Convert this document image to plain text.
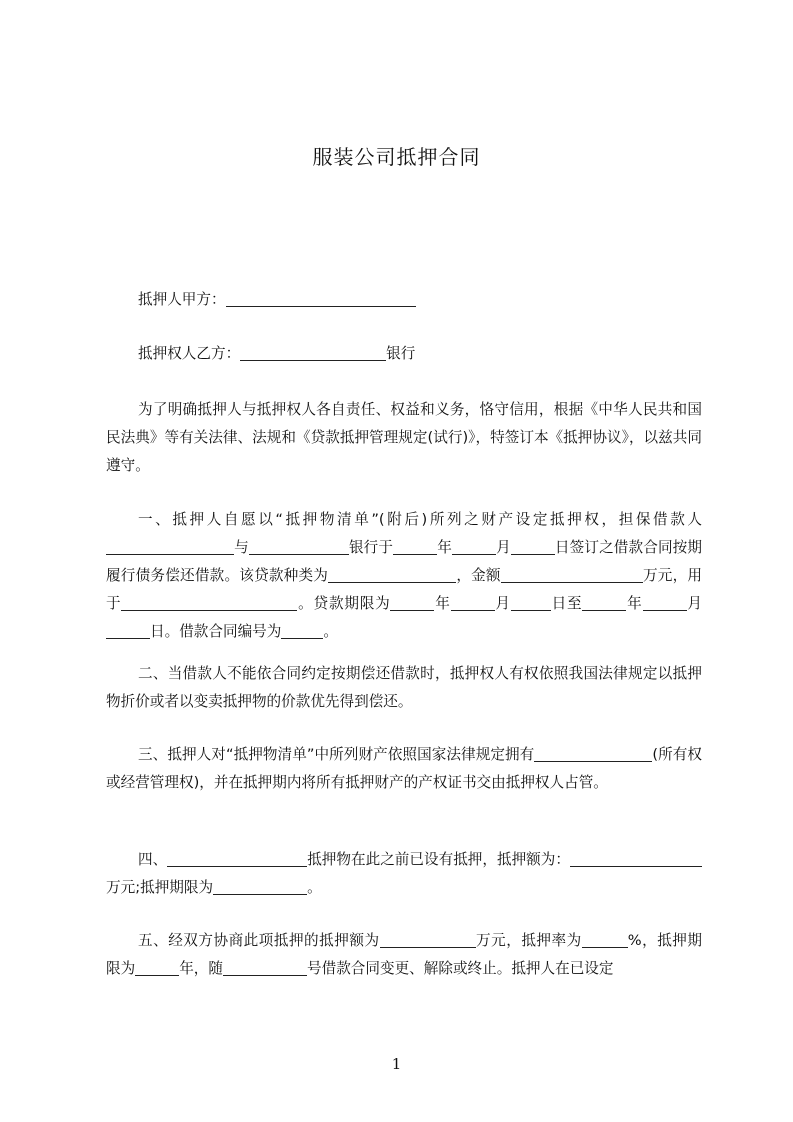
服装公司抵押合同
抵押人甲方：
抵押权人乙方：	银行
为了明确抵押人与抵押权人各自责任、权益和义务，恪守信用，根据《中华人民共和国民法典》等有关法律、法规和《贷款抵押管理规定(试行)》，特签订本《抵押协议》，以兹共同遵守。
一、抵押人自愿以“抵押物清单”(附后)所列之财产设定抵押权，担保借款人与	银行于	年	月	日签订之借款合同按期履行债务偿还借款。该贷款种类为	，金额	万元，用于	。贷款期限为	年	月	日至	年	月日。借款合同编号为	。
二、当借款人不能依合同约定按期偿还借款时，抵押权人有权依照我国法律规定以抵押物折价或者以变卖抵押物的价款优先得到偿还。
三、抵押人对“抵押物清单”中所列财产依照国家法律规定拥有	(所有权或经营管理权)，并在抵押期内将所有抵押财产的产权证书交由抵押权人占管。
四、	抵押物在此之前已设有抵押，抵押额为：万元;抵押期限为	。
五、经双方协商此项抵押的抵押额为	万元，抵押率为	%，抵押期限为	年，随	号借款合同变更、解除或终止。抵押人在已设定
1
